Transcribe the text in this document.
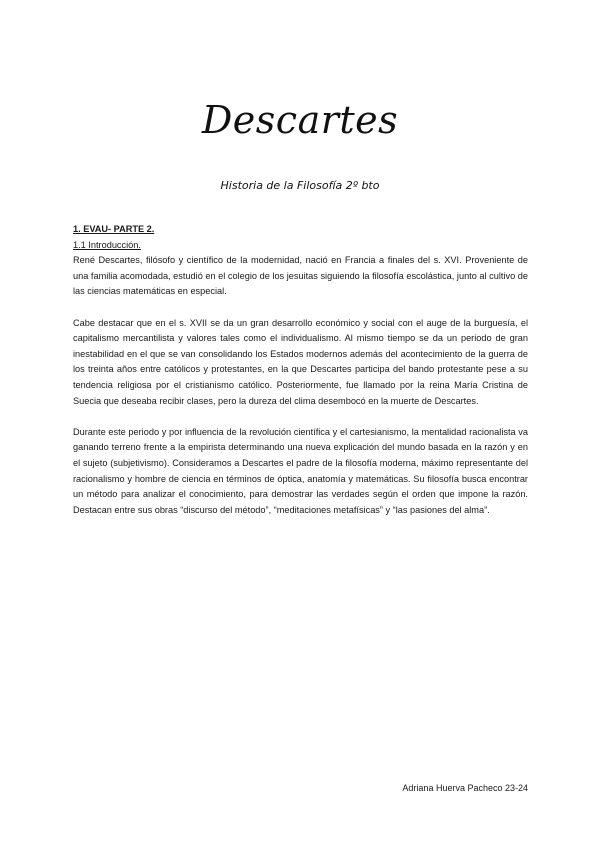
Descartes
Historia de la Filosofía 2º bto

1. EVAU- PARTE 2.

1.1 Introducción.

René Descartes, filósofo y científico de la modernidad, nació en Francia a finales del s. XVI. Proveniente de una familia acomodada, estudió en el colegio de los jesuitas siguiendo la filosofía escolástica, junto al cultivo de las ciencias matemáticas en especial.

Cabe destacar que en el s. XVII se da un gran desarrollo económico y social con el auge de la burguesía, el capitalismo mercantilista y valores tales como el individualismo. Al mismo tiempo se da un periodo de gran inestabilidad en el que se van consolidando los Estados modernos además del acontecimiento de la guerra de los treinta años entre católicos y protestantes, en la que Descartes participa del bando protestante pese a su tendencia religiosa por el cristianismo católico. Posteriormente, fue llamado por la reina María Cristina de Suecia que deseaba recibir clases, pero la dureza del clima desembocó en la muerte de Descartes.

Durante este periodo y por influencia de la revolución científica y el cartesianismo, la mentalidad racionalista va ganando terreno frente a la empirista determinando una nueva explicación del mundo basada en la razón y en el sujeto (subjetivismo). Consideramos a Descartes el padre de la filosofía moderna, máximo representante del racionalismo y hombre de ciencia en términos de óptica, anatomía y matemáticas. Su filosofía busca encontrar un método para analizar el conocimiento, para demostrar las verdades según el orden que impone la razón. Destacan entre sus obras “discurso del método”, “meditaciones metafísicas” y “las pasiones del alma”.

Adriana Huerva Pacheco 23-24
